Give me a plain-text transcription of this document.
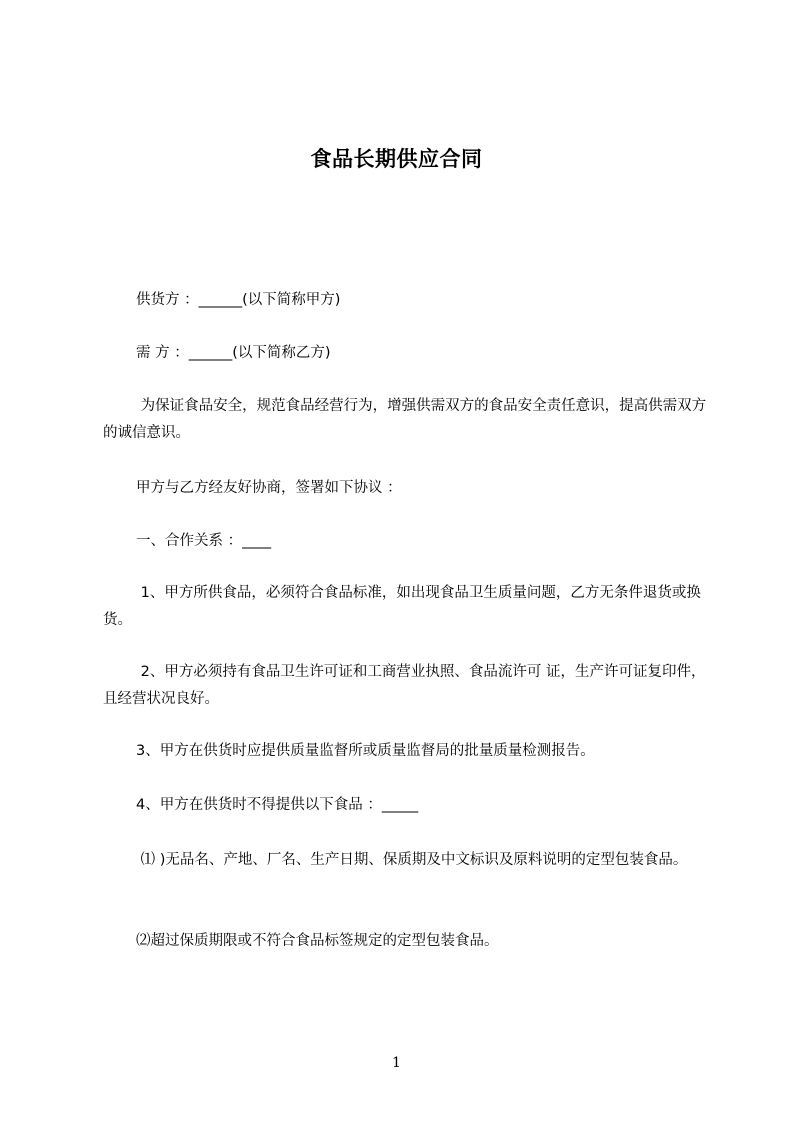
食品长期供应合同
供货方 ：______(以下简称甲方)
需 方 ：______(以下简称乙方)
为保证食品安全，规范食品经营行为，增强供需双方的食品安全责任意识，提高供需双方的诚信意识。
甲方与乙方经友好协商，签署如下协议 ：
一、合作关系 ：____
1、甲方所供食品，必须符合食品标准，如出现食品卫生质量问题，乙方无条件退货或换货。
2、甲方必须持有食品卫生许可证和工商营业执照、食品流许可 证，生产许可证复印件，且经营状况良好。
3、甲方在供货时应提供质量监督所或质量监督局的批量质量检测报告。
4、甲方在供货时不得提供以下食品 ：_____
⑴ )无品名、产地、厂名、生产日期、保质期及中文标识及原料说明的定型包装食品。
⑵超过保质期限或不符合食品标签规定的定型包装食品。
1
